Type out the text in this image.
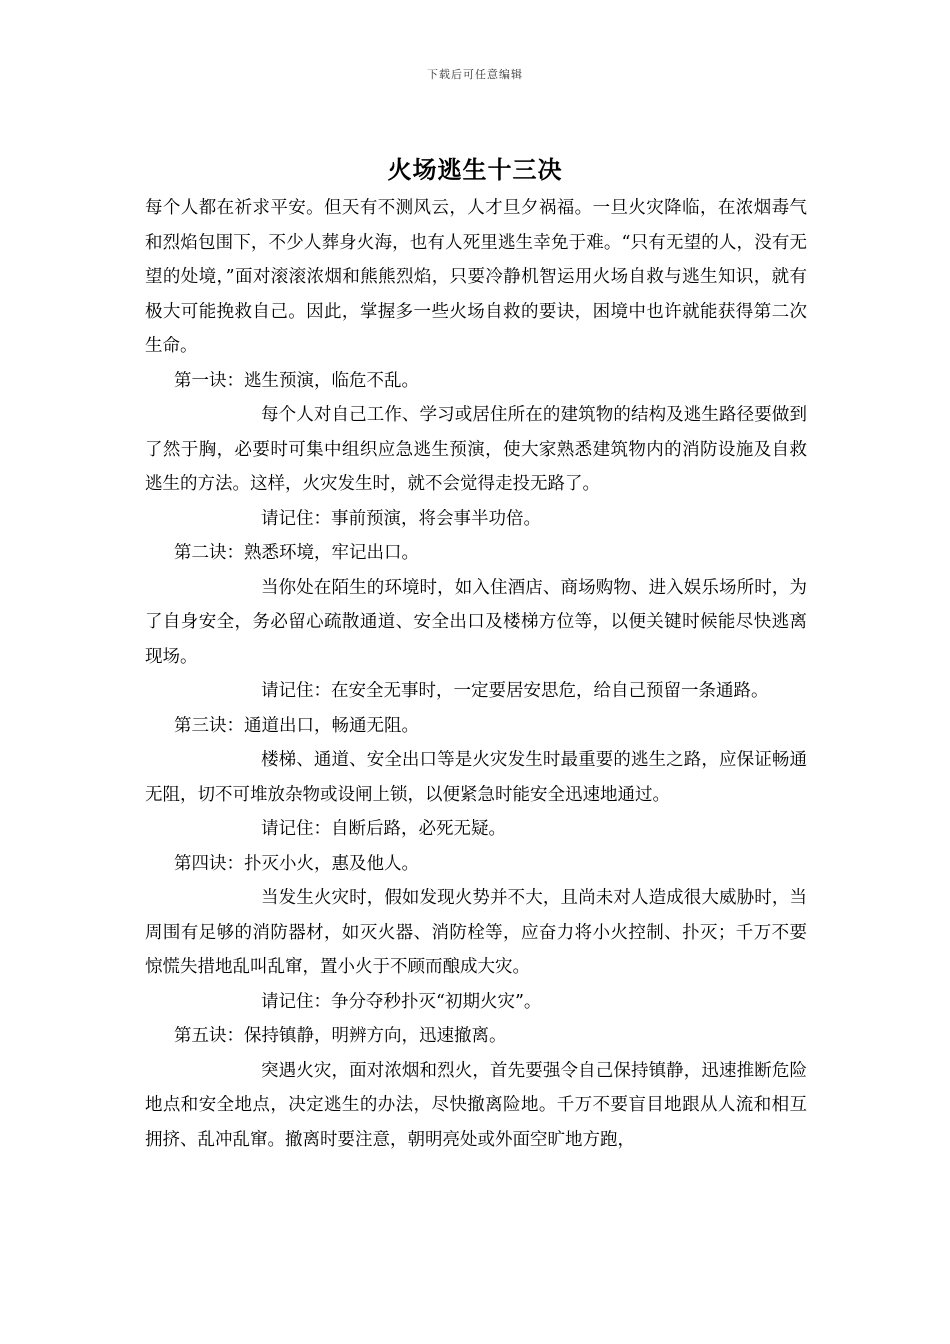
下载后可任意编辑
火场逃生十三决

每个人都在祈求平安。但天有不测风云，人才旦夕祸福。一旦火灾降临，在浓烟毒气和烈焰包围下，不少人葬身火海，也有人死里逃生幸免于难。“只有无望的人，没有无望的处境，”面对滚滚浓烟和熊熊烈焰，只要冷静机智运用火场自救与逃生知识，就有极大可能挽救自己。因此，掌握多一些火场自救的要诀，困境中也许就能获得第二次生命。

第一诀：逃生预演，临危不乱。

每个人对自己工作、学习或居住所在的建筑物的结构及逃生路径要做到了然于胸，必要时可集中组织应急逃生预演，使大家熟悉建筑物内的消防设施及自救逃生的方法。这样，火灾发生时，就不会觉得走投无路了。

请记住：事前预演，将会事半功倍。

第二诀：熟悉环境，牢记出口。

当你处在陌生的环境时，如入住酒店、商场购物、进入娱乐场所时，为了自身安全，务必留心疏散通道、安全出口及楼梯方位等，以便关键时候能尽快逃离现场。

请记住：在安全无事时，一定要居安思危，给自己预留一条通路。

第三诀：通道出口，畅通无阻。

楼梯、通道、安全出口等是火灾发生时最重要的逃生之路，应保证畅通无阻，切不可堆放杂物或设闸上锁，以便紧急时能安全迅速地通过。

请记住：自断后路，必死无疑。

第四诀：扑灭小火，惠及他人。

当发生火灾时，假如发现火势并不大，且尚未对人造成很大威胁时，当周围有足够的消防器材，如灭火器、消防栓等，应奋力将小火控制、扑灭；千万不要惊慌失措地乱叫乱窜，置小火于不顾而酿成大灾。

请记住：争分夺秒扑灭“初期火灾”。

第五诀：保持镇静，明辨方向，迅速撤离。

突遇火灾，面对浓烟和烈火，首先要强令自己保持镇静，迅速推断危险地点和安全地点，决定逃生的办法，尽快撤离险地。千万不要盲目地跟从人流和相互拥挤、乱冲乱窜。撤离时要注意，朝明亮处或外面空旷地方跑，
